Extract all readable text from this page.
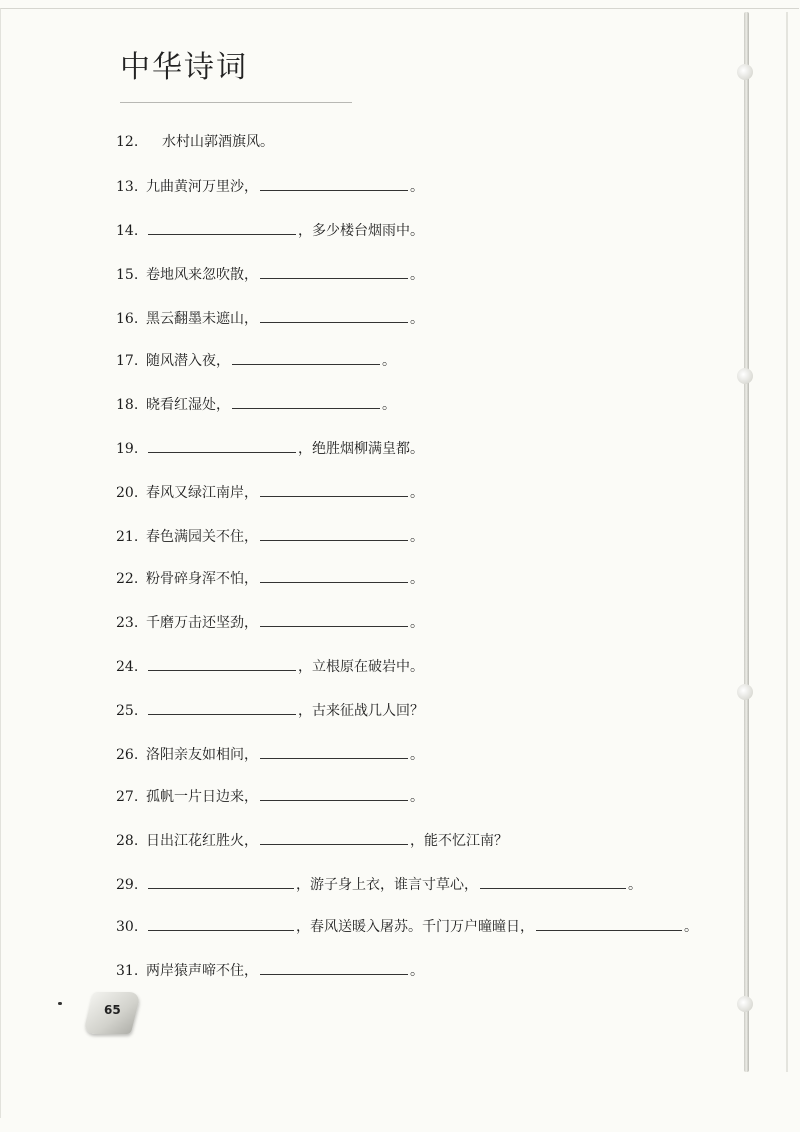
中华诗词
12.	水村山郭酒旗风。
13. 九曲黄河万里沙，	。
14.	，多少楼台烟雨中。
15. 卷地风来忽吹散，	。
16. 黑云翻墨未遮山，	。
17. 随风潜入夜，	。
18. 晓看红湿处，	。
19.	，绝胜烟柳满皇都。
20. 春风又绿江南岸，	。
21. 春色满园关不住，	。
22. 粉骨碎身浑不怕，	。
23. 千磨万击还坚劲，	。
24.	，立根原在破岩中。
25.	，古来征战几人回？
26. 洛阳亲友如相问，	。
27. 孤帆一片日边来，	。
28. 日出江花红胜火，	，能不忆江南？
29.	，游子身上衣，谁言寸草心，	。
30.	，春风送暖入屠苏。千门万户曈曈日，	。
31. 两岸猿声啼不住，	。
65
